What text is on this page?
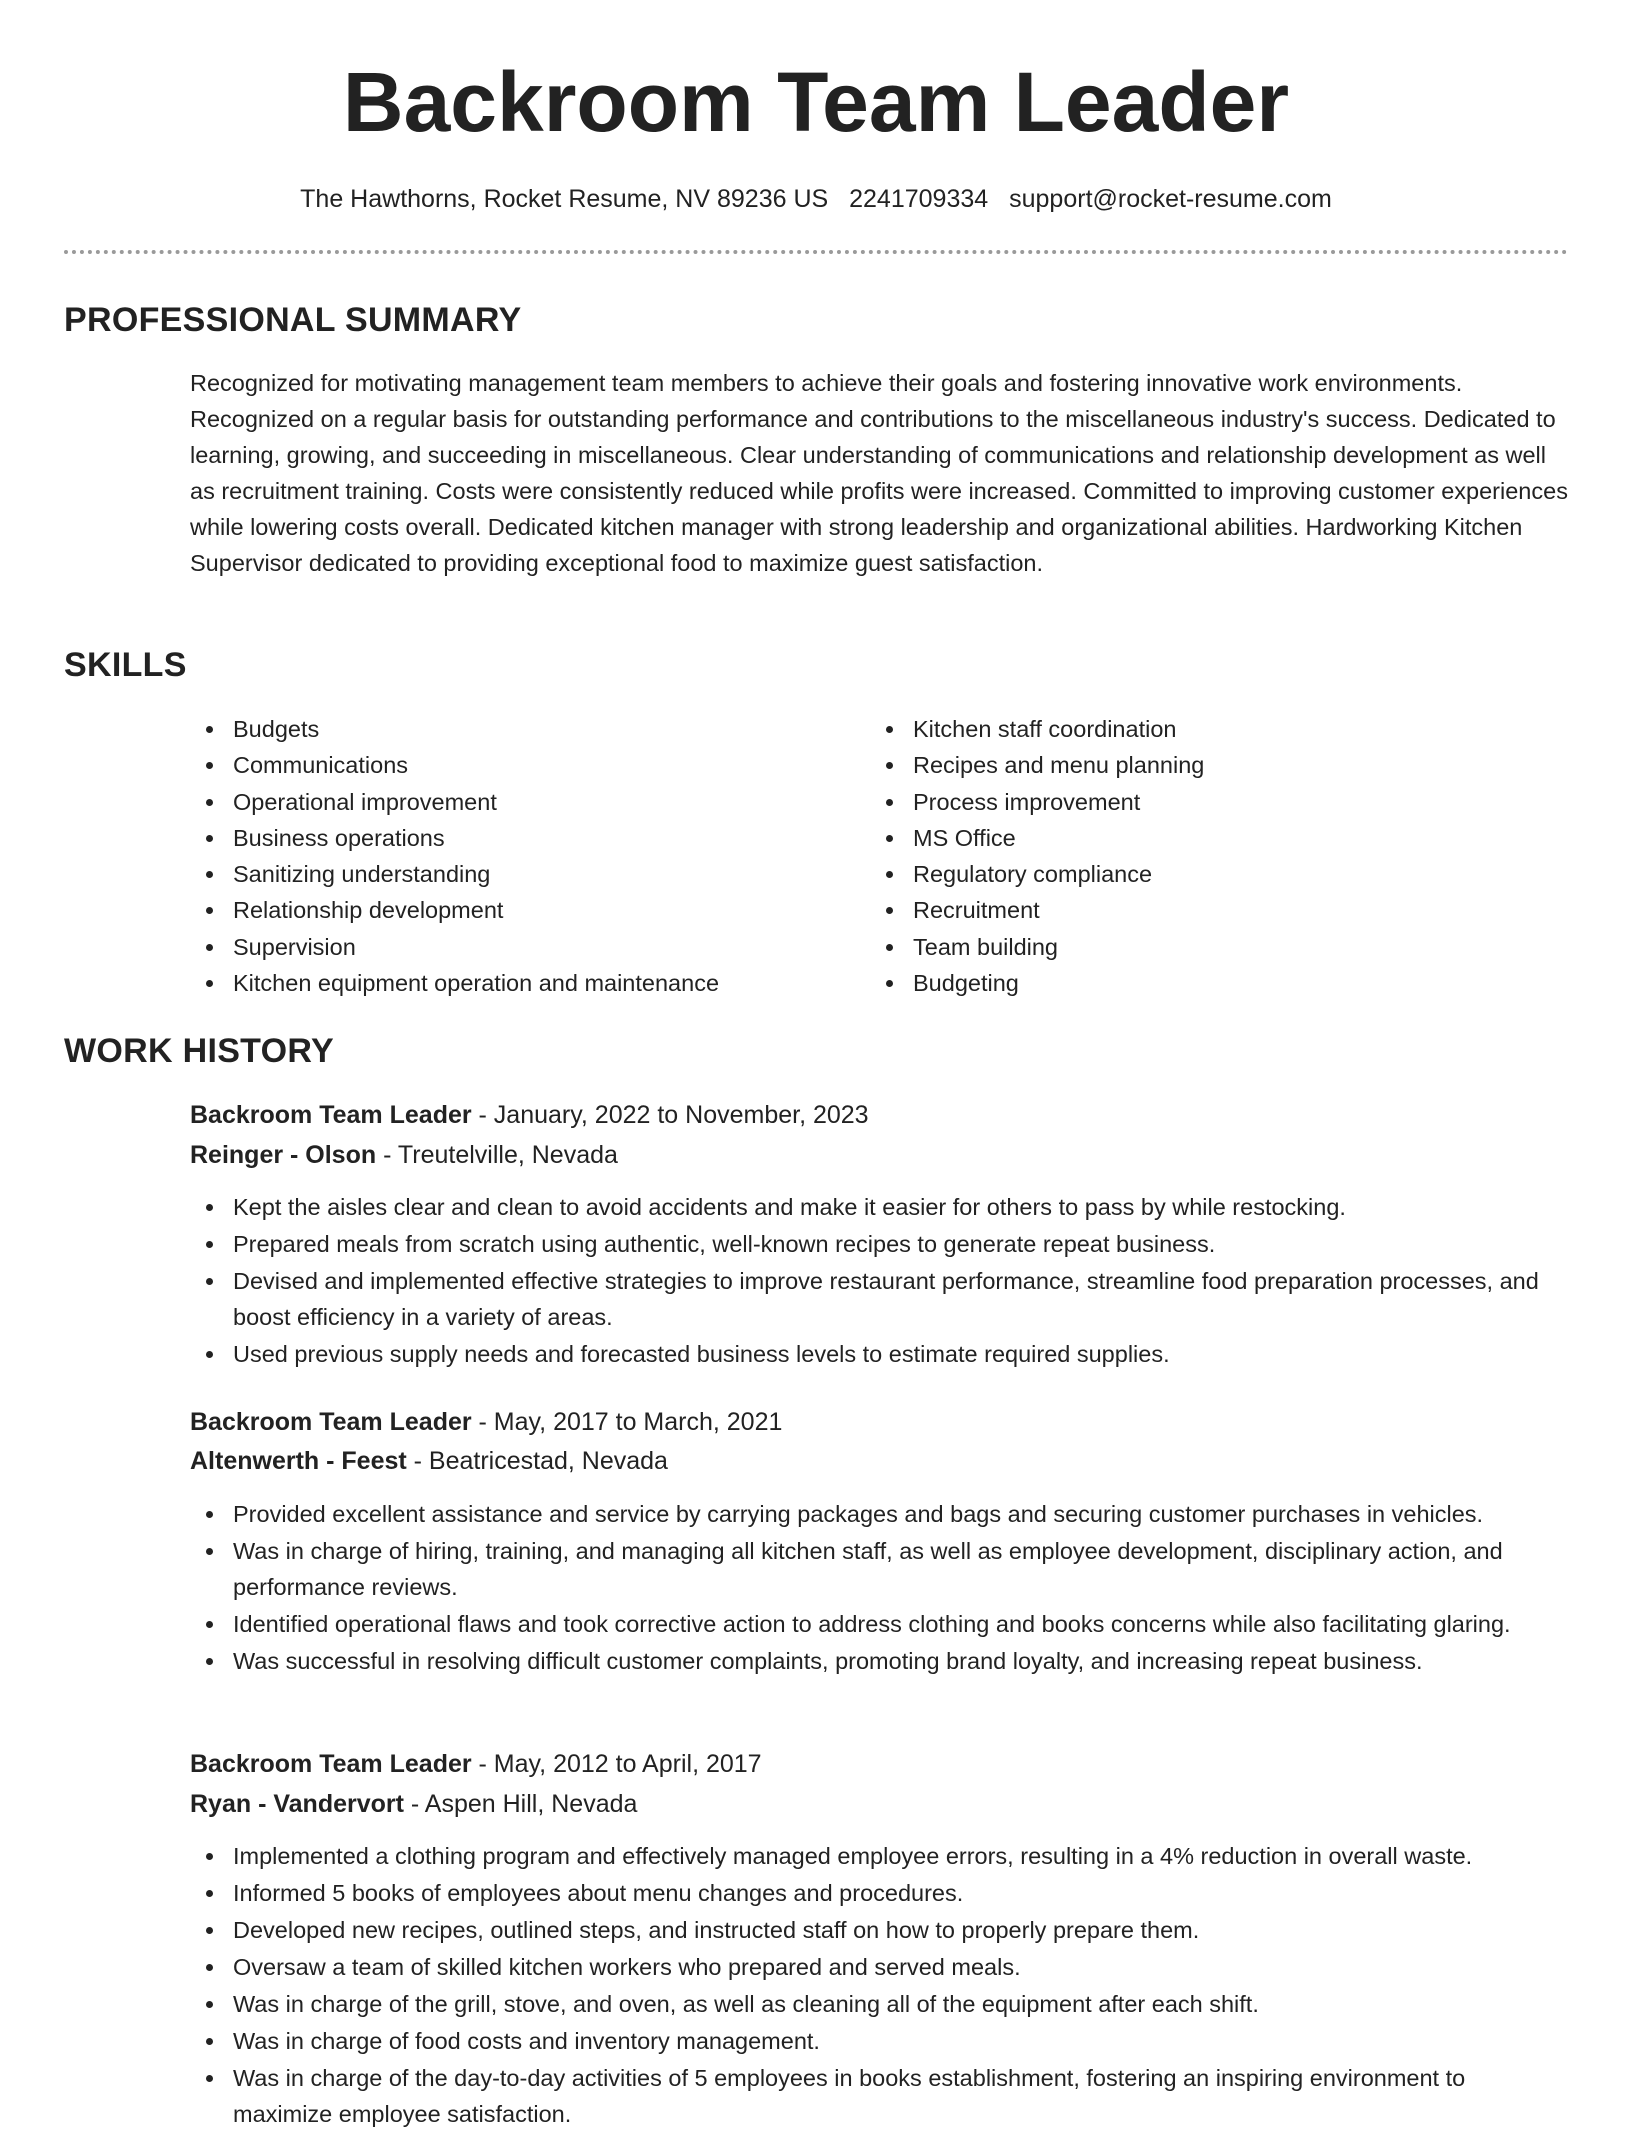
Backroom Team Leader
The Hawthorns, Rocket Resume, NV 89236 US 2241709334 support@rocket-resume.com
PROFESSIONAL SUMMARY

Recognized for motivating management team members to achieve their goals and fostering innovative work environments. Recognized on a regular basis for outstanding performance and contributions to the miscellaneous industry's success. Dedicated to learning, growing, and succeeding in miscellaneous. Clear understanding of communications and relationship development as well as recruitment training. Costs were consistently reduced while profits were increased. Committed to improving customer experiences while lowering costs overall. Dedicated kitchen manager with strong leadership and organizational abilities. Hardworking Kitchen Supervisor dedicated to providing exceptional food to maximize guest satisfaction.

SKILLS
Budgets
Communications
Operational improvement
Business operations
Sanitizing understanding
Relationship development
Supervision
Kitchen equipment operation and maintenance
Kitchen staff coordination
Recipes and menu planning
Process improvement
MS Office
Regulatory compliance
Recruitment
Team building
Budgeting
WORK HISTORY
Backroom Team Leader - January, 2022 to November, 2023
Reinger - Olson - Treutelville, Nevada
Kept the aisles clear and clean to avoid accidents and make it easier for others to pass by while restocking.
Prepared meals from scratch using authentic, well-known recipes to generate repeat business.
Devised and implemented effective strategies to improve restaurant performance, streamline food preparation processes, and boost efficiency in a variety of areas.
Used previous supply needs and forecasted business levels to estimate required supplies.
Backroom Team Leader - May, 2017 to March, 2021
Altenwerth - Feest - Beatricestad, Nevada
Provided excellent assistance and service by carrying packages and bags and securing customer purchases in vehicles.
Was in charge of hiring, training, and managing all kitchen staff, as well as employee development, disciplinary action, and performance reviews.
Identified operational flaws and took corrective action to address clothing and books concerns while also facilitating glaring.
Was successful in resolving difficult customer complaints, promoting brand loyalty, and increasing repeat business.
Backroom Team Leader - May, 2012 to April, 2017
Ryan - Vandervort - Aspen Hill, Nevada
Implemented a clothing program and effectively managed employee errors, resulting in a 4% reduction in overall waste.
Informed 5 books of employees about menu changes and procedures.
Developed new recipes, outlined steps, and instructed staff on how to properly prepare them.
Oversaw a team of skilled kitchen workers who prepared and served meals.
Was in charge of the grill, stove, and oven, as well as cleaning all of the equipment after each shift.
Was in charge of food costs and inventory management.
Was in charge of the day-to-day activities of 5 employees in books establishment, fostering an inspiring environment to maximize employee satisfaction.
